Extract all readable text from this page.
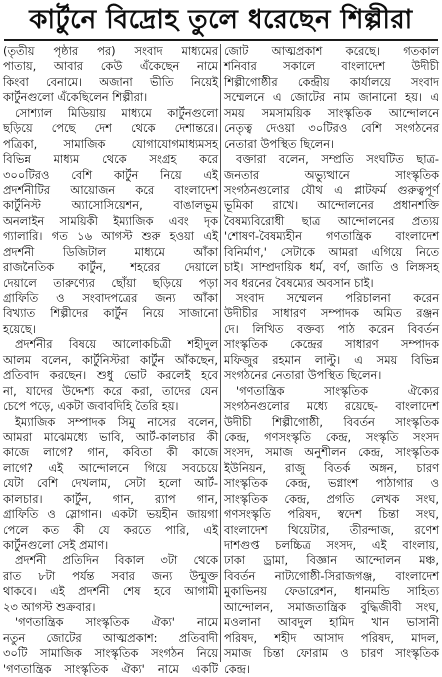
কার্টুনে বিদ্রোহ তুলে ধরেছেন শিল্পীরা
(তৃতীয় পৃষ্ঠার পর) সংবাদ মাধ্যমের
পাতায়, আবার কেউ এঁকেছেন নামে
কিংবা বেনামে। অজানা ভীতি নিয়েই
কার্টুনগুলো এঁকেছিলেন শিল্পীরা।
সোশ্যাল মিডিয়ায় মাধ্যমে কার্টুনগুলো
ছড়িয়ে পেছে দেশ থেকে দেশান্তরে।
পত্রিকা, সামাজিক যোগাযোগমাধ্যমসহ
বিভিন্ন মাধ্যম থেকে সংগ্রহ করে
৩০০টিরও বেশি কার্টুন নিয়ে এই
প্রদর্শনীটির আয়োজন করে বাংলাদেশ
কার্টুনিস্ট অ্যাসোসিয়েশন, বাঙালভূম
অনলাইন সাময়িকী ইম্যাজিক এবং দৃক
গ্যালারি। গত ১৬ আগস্ট শুরু হওয়া এই
প্রদর্শনী ডিজিটাল মাধ্যমে আঁকা
রাজনৈতিক কার্টুন, শহরের দেয়ালে
দেয়ালে তারুণ্যের ছোঁয়া ছড়িয়ে পড়া
গ্রাফিতি ও সংবাদপত্রের জন্য আঁকা
বিখ্যাত শিল্পীদের কার্টুন নিয়ে সাজানো
হয়েছে।
প্রদর্শনীর বিষয়ে আলোকচিত্রী শহীদুল
আলম বলেন, কার্টুনিস্টরা কার্টুন আঁকছেন,
প্রতিবাদ করছেন। শুধু ভোট করলেই হবে
না, যাদের উদ্দেশ্য করে করা, তাদের যেন
চেপে পড়ে, একটা জবাবদিহি তৈরি হয়।
ইম্যাজিক সম্পাদক সিমু নাসের বলেন,
আমরা মাঝেমধ্যে ভাবি, আর্ট-কালচার কী
কাজে লাগে? গান, কবিতা কী কাজে
লাগে? এই আন্দোলনে গিয়ে সবচেয়ে
যেটা বেশি দেখলাম, সেটা হলো আর্ট-
কালচার। কার্টুন, গান, র‍্যাপ গান,
গ্রাফিতি ও স্লোগান। একটা ভয়হীন জায়গা
পেলে কত কী যে করতে পারি, এই
কার্টুনগুলো সেই প্রমাণ।
প্রদর্শনী প্রতিদিন বিকাল ৩টা থেকে
রাত ৮টা পর্যন্ত সবার জন্য উন্মুক্ত
থাকবে। এই প্রদর্শনী শেষ হবে আগামী
২৩ আগস্ট শুক্রবার।
'গণতান্ত্রিক সাংস্কৃতিক ঐক্য' নামে
নতুন জোটের আত্মপ্রকাশ: প্রতিবাদী
৩০টি সামাজিক সাংস্কৃতিক সংগঠন নিয়ে
'গণতান্ত্রিক সাংস্কৃতিক ঐক্য' নামে একটি
জোট আত্মপ্রকাশ করেছে। গতকাল
শনিবার সকালে বাংলাদেশ উদীচী
শিল্পীগোষ্ঠীর কেন্দ্রীয় কার্যালয়ে সংবাদ
সম্মেলনে এ জোটের নাম জানানো হয়। এ
সময় সমসাময়িক সাংস্কৃতিক আন্দোলনে
নেতৃত্ব দেওয়া ৩০টিরও বেশি সংগঠনের
নেতারা উপস্থিত ছিলেন।
বক্তারা বলেন, সম্প্রতি সংঘটিত ছাত্র-
জনতার অভ্যুত্থানে সাংস্কৃতিক
সংগঠনগুলোর যৌথ এ প্লাটফর্ম গুরুত্বপূর্ণ
ভূমিকা রাখে। আন্দোলনের প্রধানশক্তি
বৈষম্যবিরোধী ছাত্র আন্দোলনের প্রত্যয়
'শোষণ-বৈষম্যহীন গণতান্ত্রিক বাংলাদেশ
বিনির্মাণ,' সেটাকে আমরা এগিয়ে নিতে
চাই। সাম্প্রদায়িক ধর্ম, বর্ণ, জাতি ও লিঙ্গসহ
সব ধরনের বৈষম্যের অবসান চাই।
সংবাদ সম্মেলন পরিচালনা করেন
উদীচীর সাধারণ সম্পাদক অমিত রঞ্জন
দে। লিখিত বক্তব্য পাঠ করেন বিবর্তন
সাংস্কৃতিক কেন্দ্রের সাধারণ সম্পাদক
মফিজুর রহমান লাল্টু। এ সময় বিভিন্ন
সংগঠনের নেতারা উপস্থিত ছিলেন।
'গণতান্ত্রিক সাংস্কৃতিক ঐক্যের
সংগঠনগুলোর মধ্যে রয়েছে- বাংলাদেশ
উদীচী শিল্পীগোষ্ঠী, বিবর্তন সাংস্কৃতিক
কেন্দ্র, গণসংস্কৃতি কেন্দ্র, সংস্কৃতি সংসদ
সংসদ, সমাজ অনুশীলন কেন্দ্র, সাংস্কৃতিক
ইউনিয়ন, রাজু বিতর্ক অঙ্গন, চারণ
সাংস্কৃতিক কেন্দ্র, ভগ্নাংশ পাঠাগার ও
সাংস্কৃতিক কেন্দ্র, প্রগতি লেখক সংঘ,
গণসংস্কৃতি পরিষদ, স্বদেশ চিন্তা সংঘ,
বাংলাদেশ থিয়েটার, তীরন্দাজ, রণেশ
দাশগুপ্ত চলচ্চিত্র সংসদ, এই বাংলায়,
ঢাকা ড্রামা, বিজ্ঞান আন্দোলন মঞ্চ,
বিবর্তন নাট্যগোষ্ঠী-সিরাজগঞ্জ, বাংলাদেশ
মুকাভিনয় ফেডারেশন, ধানমন্ডি সাহিত্য
আন্দোলন, সমাজতান্ত্রিক বুদ্ধিজীবী সংঘ,
মওলানা আবদুল হামিদ খান ভাসানী
পরিষদ, শহীদ আসাদ পরিষদ, মাদল,
সমাজ চিন্তা ফোরাম ও চারণ সাংস্কৃতিক
কেন্দ্র।
